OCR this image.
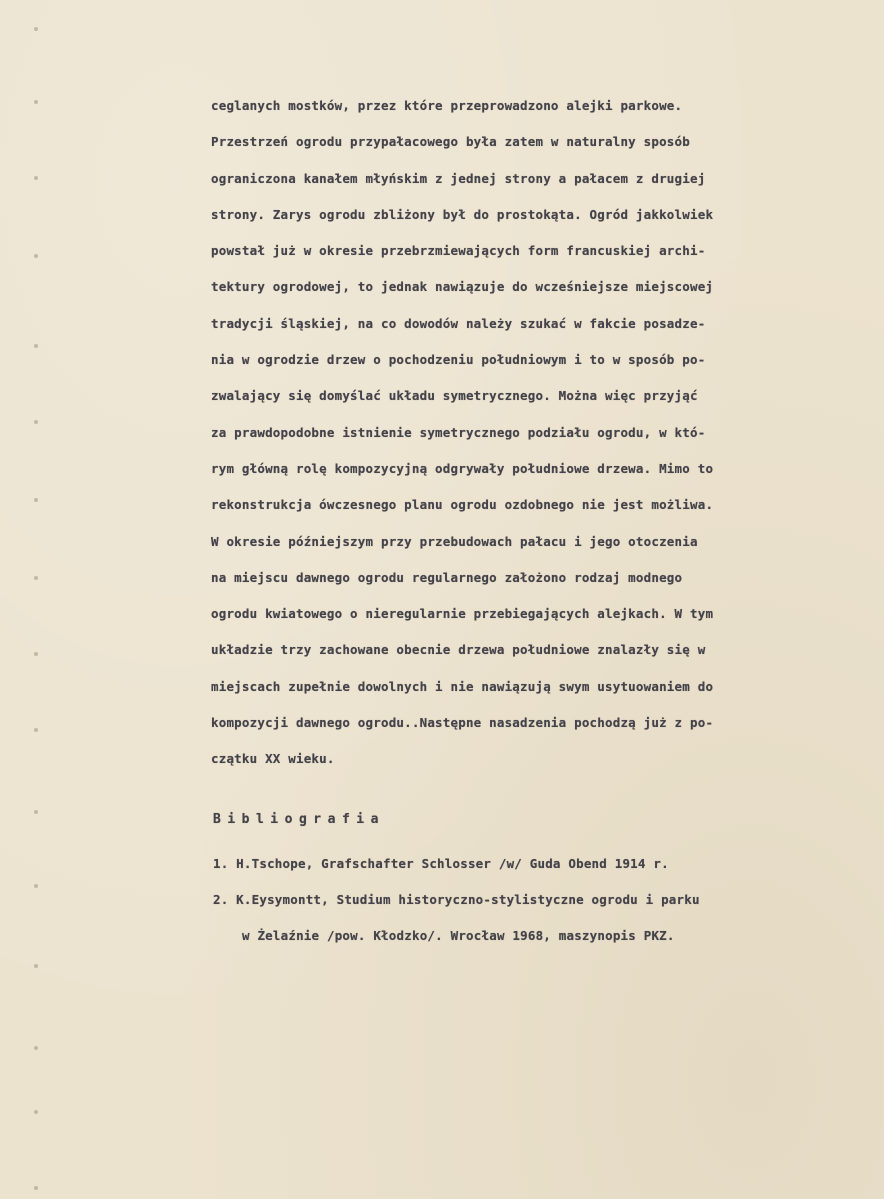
ceglanych mostków, przez które przeprowadzono alejki parkowe.
Przestrzeń ogrodu przypałacowego była zatem w naturalny sposób
ograniczona kanałem młyńskim z jednej strony a pałacem z drugiej
strony. Zarys ogrodu zbliżony był do prostokąta. Ogród jakkolwiek
powstał już w okresie przebrzmiewających form francuskiej archi-
tektury ogrodowej, to jednak nawiązuje do wcześniejsze miejscowej
tradycji śląskiej, na co dowodów należy szukać w fakcie posadze-
nia w ogrodzie drzew o pochodzeniu południowym i to w sposób po-
zwalający się domyślać układu symetrycznego. Można więc przyjąć
za prawdopodobne istnienie symetrycznego podziału ogrodu, w któ-
rym główną rolę kompozycyjną odgrywały południowe drzewa. Mimo to
rekonstrukcja ówczesnego planu ogrodu ozdobnego nie jest możliwa.
W okresie późniejszym przy przebudowach pałacu i jego otoczenia
na miejscu dawnego ogrodu regularnego założono rodzaj modnego
ogrodu kwiatowego o nieregularnie przebiegających alejkach. W tym
układzie trzy zachowane obecnie drzewa południowe znalazły się w
miejscach zupełnie dowolnych i nie nawiązują swym usytuowaniem do
kompozycji dawnego ogrodu..Następne nasadzenia pochodzą już z po-
czątku XX wieku.
Bibliografia
1. H.Tschope, Grafschafter Schlosser /w/ Guda Obend 1914 r.
2. K.Eysymontt, Studium historyczno-stylistyczne ogrodu i parku
w Żelaźnie /pow. Kłodzko/. Wrocław 1968, maszynopis PKZ.
